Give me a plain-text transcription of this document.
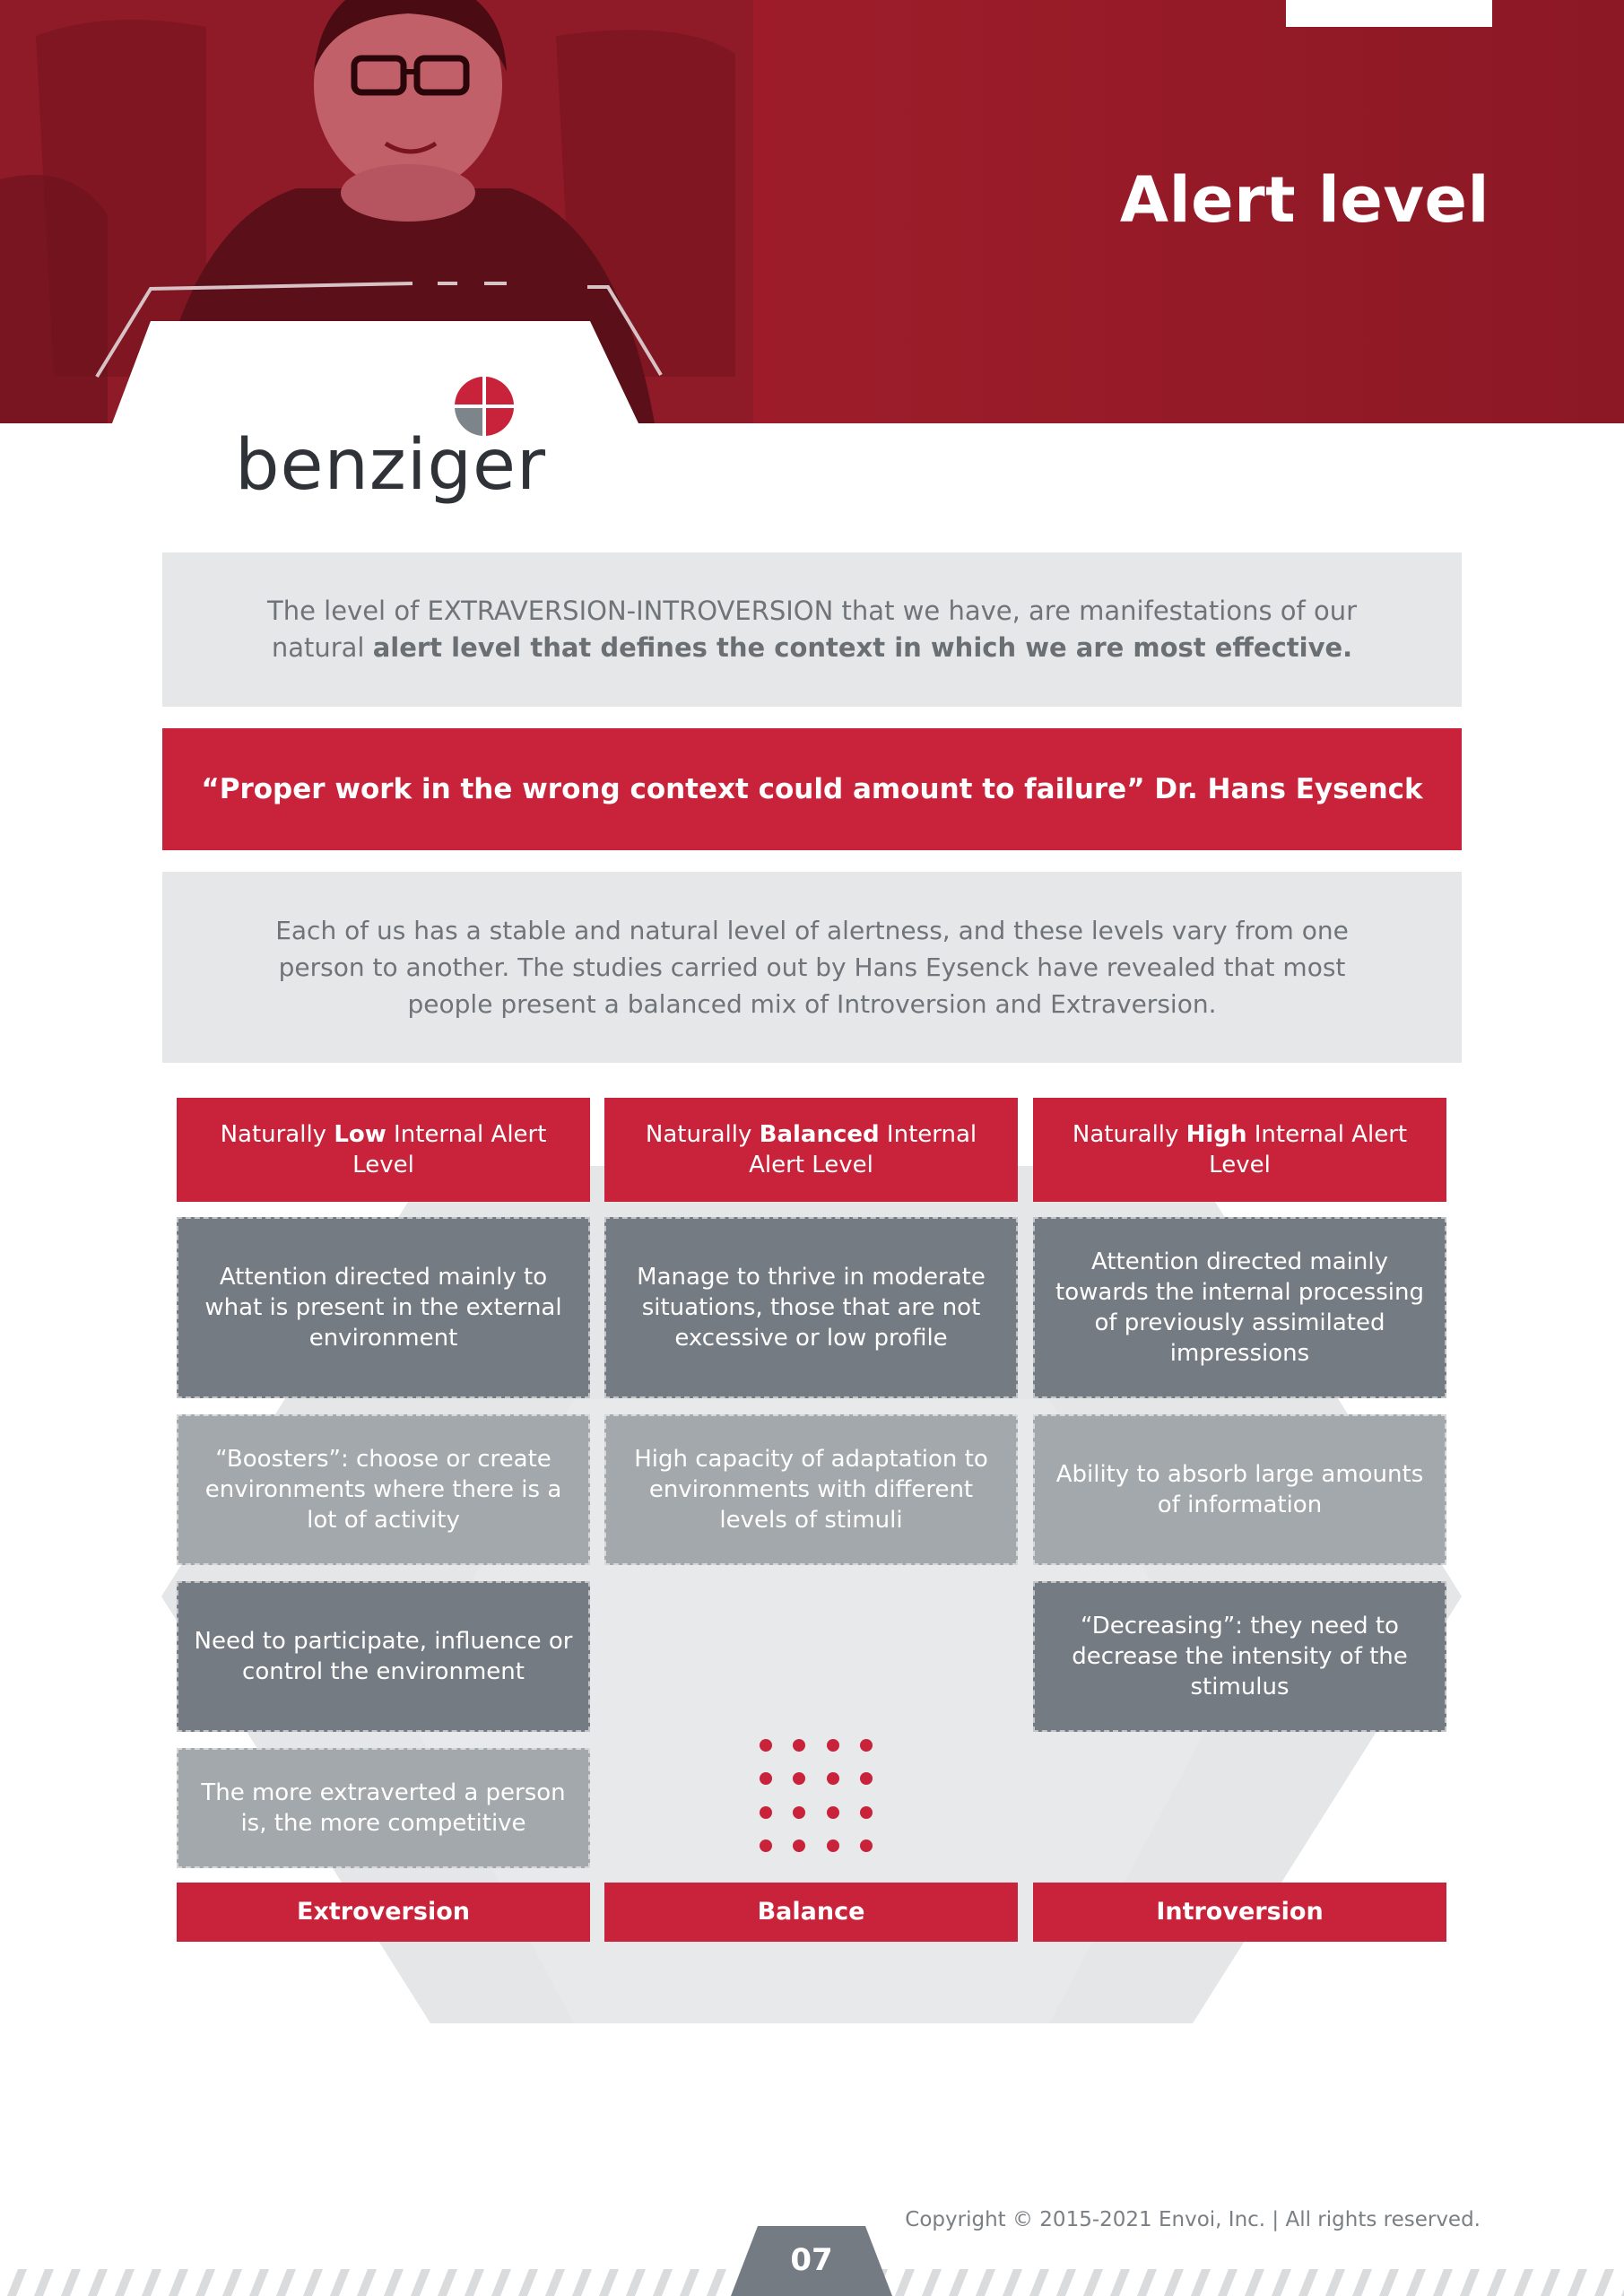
Alert level
benziger
The level of EXTRAVERSION-INTROVERSION that we have, are manifestations of our natural alert level that defines the context in which we are most effective.
“Proper work in the wrong context could amount to failure” Dr. Hans Eysenck
Each of us has a stable and natural level of alertness, and these levels vary from one person to another. The studies carried out by Hans Eysenck have revealed that most people present a balanced mix of Introversion and Extraversion.
Naturally Low Internal Alert Level
Attention directed mainly to what is present in the external environment
“Boosters”: choose or create environments where there is a lot of activity
Need to participate, influence or control the environment
The more extraverted a person is, the more competitive
Extroversion
Naturally Balanced Internal Alert Level
Manage to thrive in moderate situations, those that are not excessive or low profile
High capacity of adaptation to environments with different levels of stimuli
Balance
Naturally High Internal Alert Level
Attention directed mainly towards the internal processing of previously assimilated impressions
Ability to absorb large amounts of information
“Decreasing”: they need to decrease the intensity of the stimulus
Introversion
Copyright © 2015-2021 Envoi, Inc. | All rights reserved.
07
